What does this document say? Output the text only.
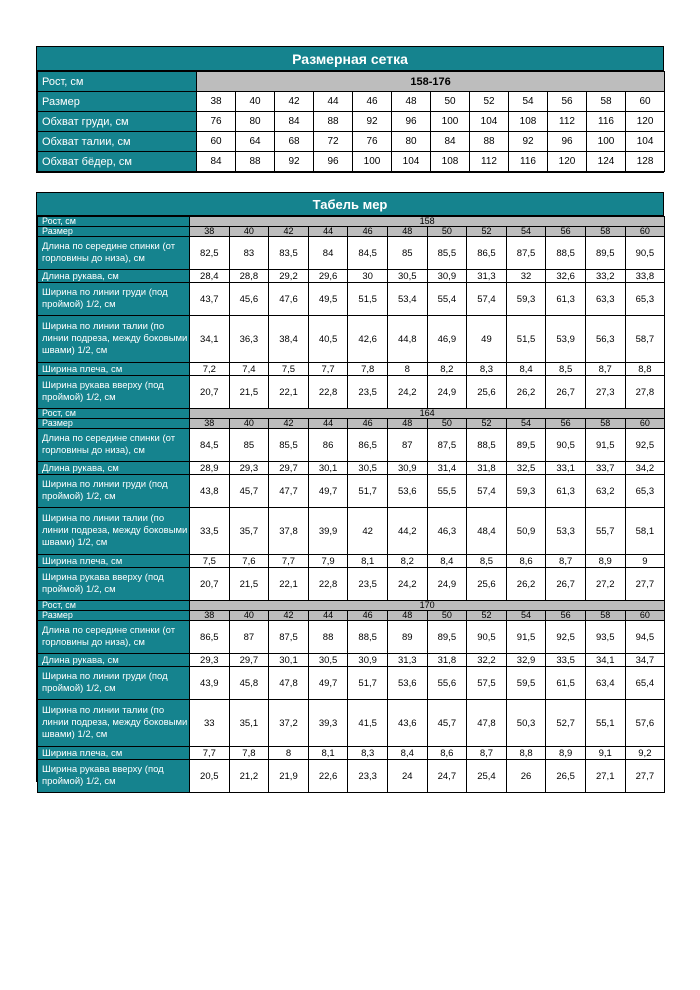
Размерная сетка
Рост, см	158-176											
Размер	38	40	42	44	46	48	50	52	54	56	58	60
Обхват груди, см	76	80	84	88	92	96	100	104	108	112	116	120
Обхват талии, см	60	64	68	72	76	80	84	88	92	96	100	104
Обхват бёдер, см	84	88	92	96	100	104	108	112	116	120	124	128
Табель мер
Рост, см	158											
Размер	38	40	42	44	46	48	50	52	54	56	58	60
Длина по середине спинки (от горловины до низа), см	82,5	83	83,5	84	84,5	85	85,5	86,5	87,5	88,5	89,5	90,5
Длина рукава, см	28,4	28,8	29,2	29,6	30	30,5	30,9	31,3	32	32,6	33,2	33,8
Ширина по линии груди (под проймой) 1/2, см	43,7	45,6	47,6	49,5	51,5	53,4	55,4	57,4	59,3	61,3	63,3	65,3
Ширина по линии талии (по линии подреза, между боковыми швами) 1/2, см	34,1	36,3	38,4	40,5	42,6	44,8	46,9	49	51,5	53,9	56,3	58,7
Ширина плеча, см	7,2	7,4	7,5	7,7	7,8	8	8,2	8,3	8,4	8,5	8,7	8,8
Ширина рукава вверху (под проймой) 1/2, см	20,7	21,5	22,1	22,8	23,5	24,2	24,9	25,6	26,2	26,7	27,3	27,8
Рост, см	164											
Размер	38	40	42	44	46	48	50	52	54	56	58	60
Длина по середине спинки (от горловины до низа), см	84,5	85	85,5	86	86,5	87	87,5	88,5	89,5	90,5	91,5	92,5
Длина рукава, см	28,9	29,3	29,7	30,1	30,5	30,9	31,4	31,8	32,5	33,1	33,7	34,2
Ширина по линии груди (под проймой) 1/2, см	43,8	45,7	47,7	49,7	51,7	53,6	55,5	57,4	59,3	61,3	63,2	65,3
Ширина по линии талии (по линии подреза, между боковыми швами) 1/2, см	33,5	35,7	37,8	39,9	42	44,2	46,3	48,4	50,9	53,3	55,7	58,1
Ширина плеча, см	7,5	7,6	7,7	7,9	8,1	8,2	8,4	8,5	8,6	8,7	8,9	9
Ширина рукава вверху (под проймой) 1/2, см	20,7	21,5	22,1	22,8	23,5	24,2	24,9	25,6	26,2	26,7	27,2	27,7
Рост, см	170											
Размер	38	40	42	44	46	48	50	52	54	56	58	60
Длина по середине спинки (от горловины до низа), см	86,5	87	87,5	88	88,5	89	89,5	90,5	91,5	92,5	93,5	94,5
Длина рукава, см	29,3	29,7	30,1	30,5	30,9	31,3	31,8	32,2	32,9	33,5	34,1	34,7
Ширина по линии груди (под проймой) 1/2, см	43,9	45,8	47,8	49,7	51,7	53,6	55,6	57,5	59,5	61,5	63,4	65,4
Ширина по линии талии (по линии подреза, между боковыми швами) 1/2, см	33	35,1	37,2	39,3	41,5	43,6	45,7	47,8	50,3	52,7	55,1	57,6
Ширина плеча, см	7,7	7,8	8	8,1	8,3	8,4	8,6	8,7	8,8	8,9	9,1	9,2
Ширина рукава вверху (под проймой) 1/2, см	20,5	21,2	21,9	22,6	23,3	24	24,7	25,4	26	26,5	27,1	27,7
